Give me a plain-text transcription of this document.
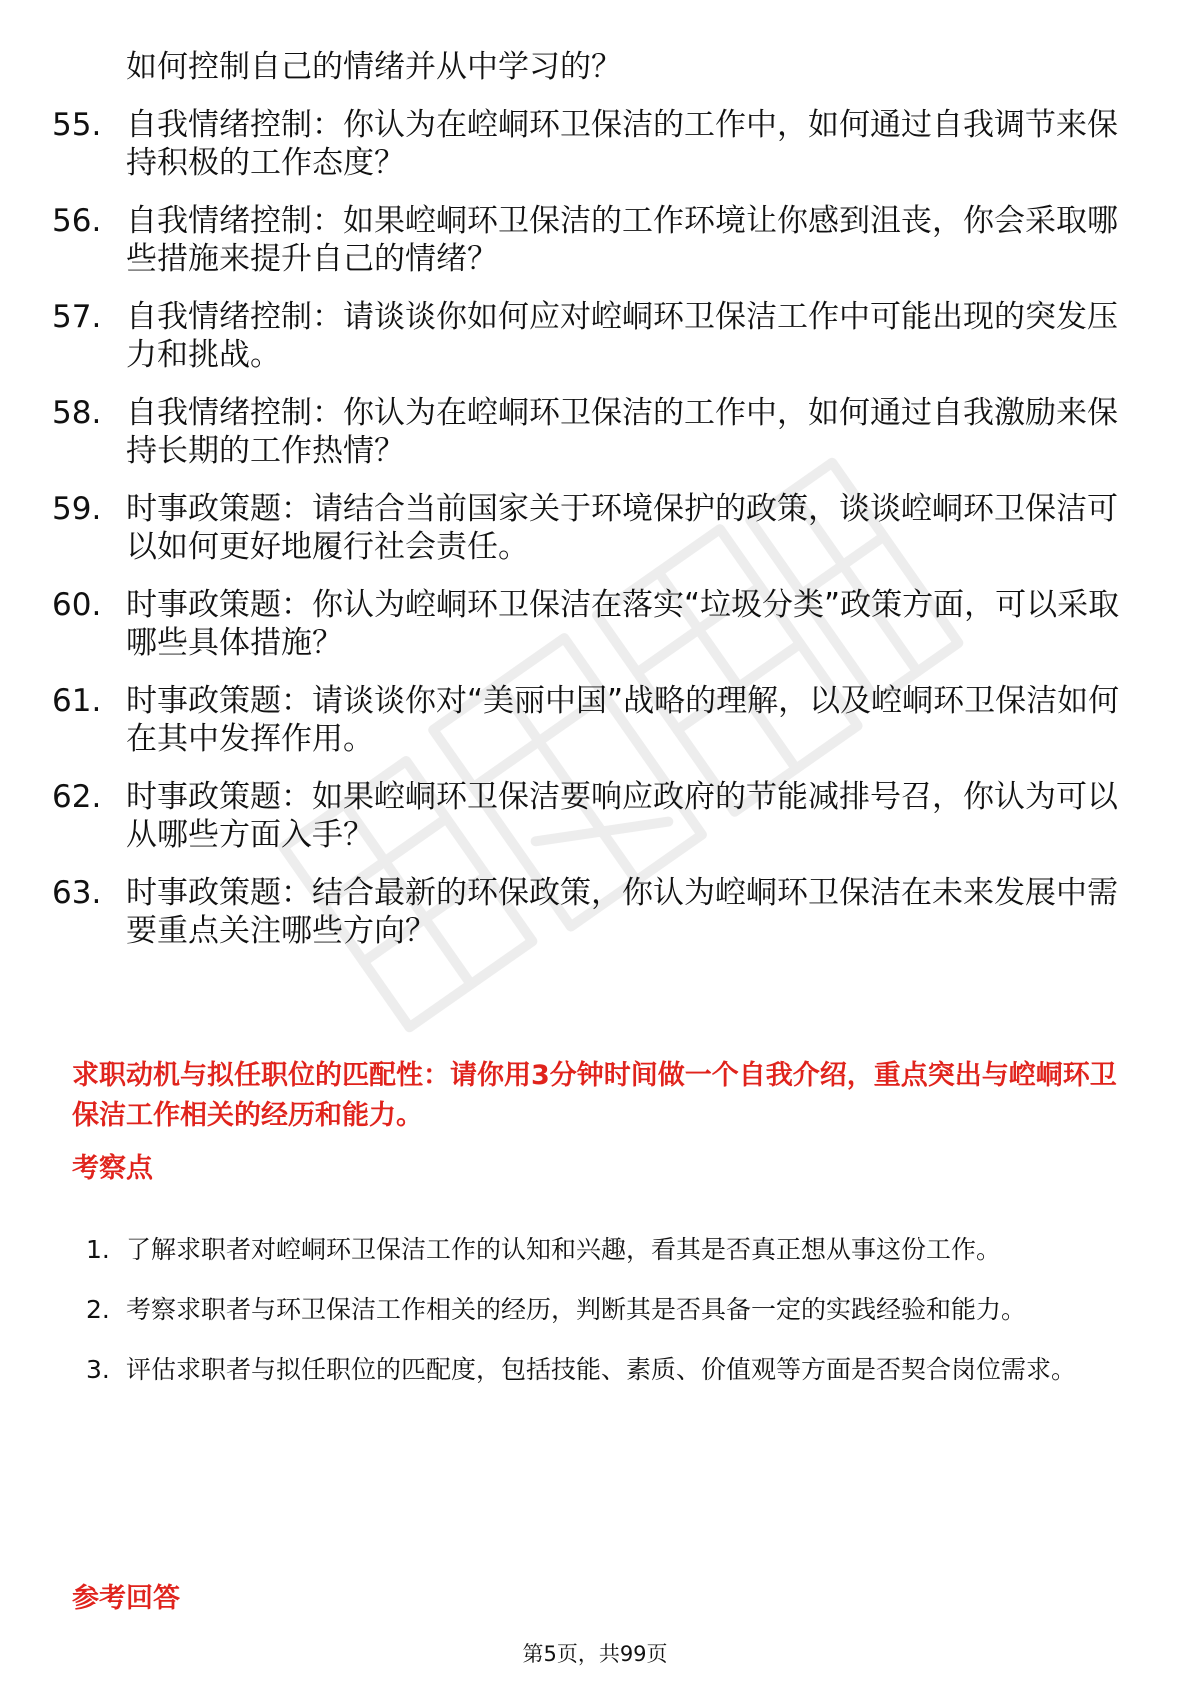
如何控制自己的情绪并从中学习的？
55. 自我情绪控制：你认为在崆峒环卫保洁的工作中，如何通过自我调节来保持积极的工作态度？
56. 自我情绪控制：如果崆峒环卫保洁的工作环境让你感到沮丧，你会采取哪些措施来提升自己的情绪？
57. 自我情绪控制：请谈谈你如何应对崆峒环卫保洁工作中可能出现的突发压力和挑战。
58. 自我情绪控制：你认为在崆峒环卫保洁的工作中，如何通过自我激励来保持长期的工作热情？
59. 时事政策题：请结合当前国家关于环境保护的政策，谈谈崆峒环卫保洁可以如何更好地履行社会责任。
60. 时事政策题：你认为崆峒环卫保洁在落实“垃圾分类”政策方面，可以采取哪些具体措施？
61. 时事政策题：请谈谈你对“美丽中国”战略的理解，以及崆峒环卫保洁如何在其中发挥作用。
62. 时事政策题：如果崆峒环卫保洁要响应政府的节能减排号召，你认为可以从哪些方面入手？
63. 时事政策题：结合最新的环保政策，你认为崆峒环卫保洁在未来发展中需要重点关注哪些方向？

求职动机与拟任职位的匹配性：请你用3分钟时间做一个自我介绍，重点突出与崆峒环卫保洁工作相关的经历和能力。

考察点

1. 了解求职者对崆峒环卫保洁工作的认知和兴趣，看其是否真正想从事这份工作。
2. 考察求职者与环卫保洁工作相关的经历，判断其是否具备一定的实践经验和能力。
3. 评估求职者与拟任职位的匹配度，包括技能、素质、价值观等方面是否契合岗位需求。

参考回答

第5页，共99页
